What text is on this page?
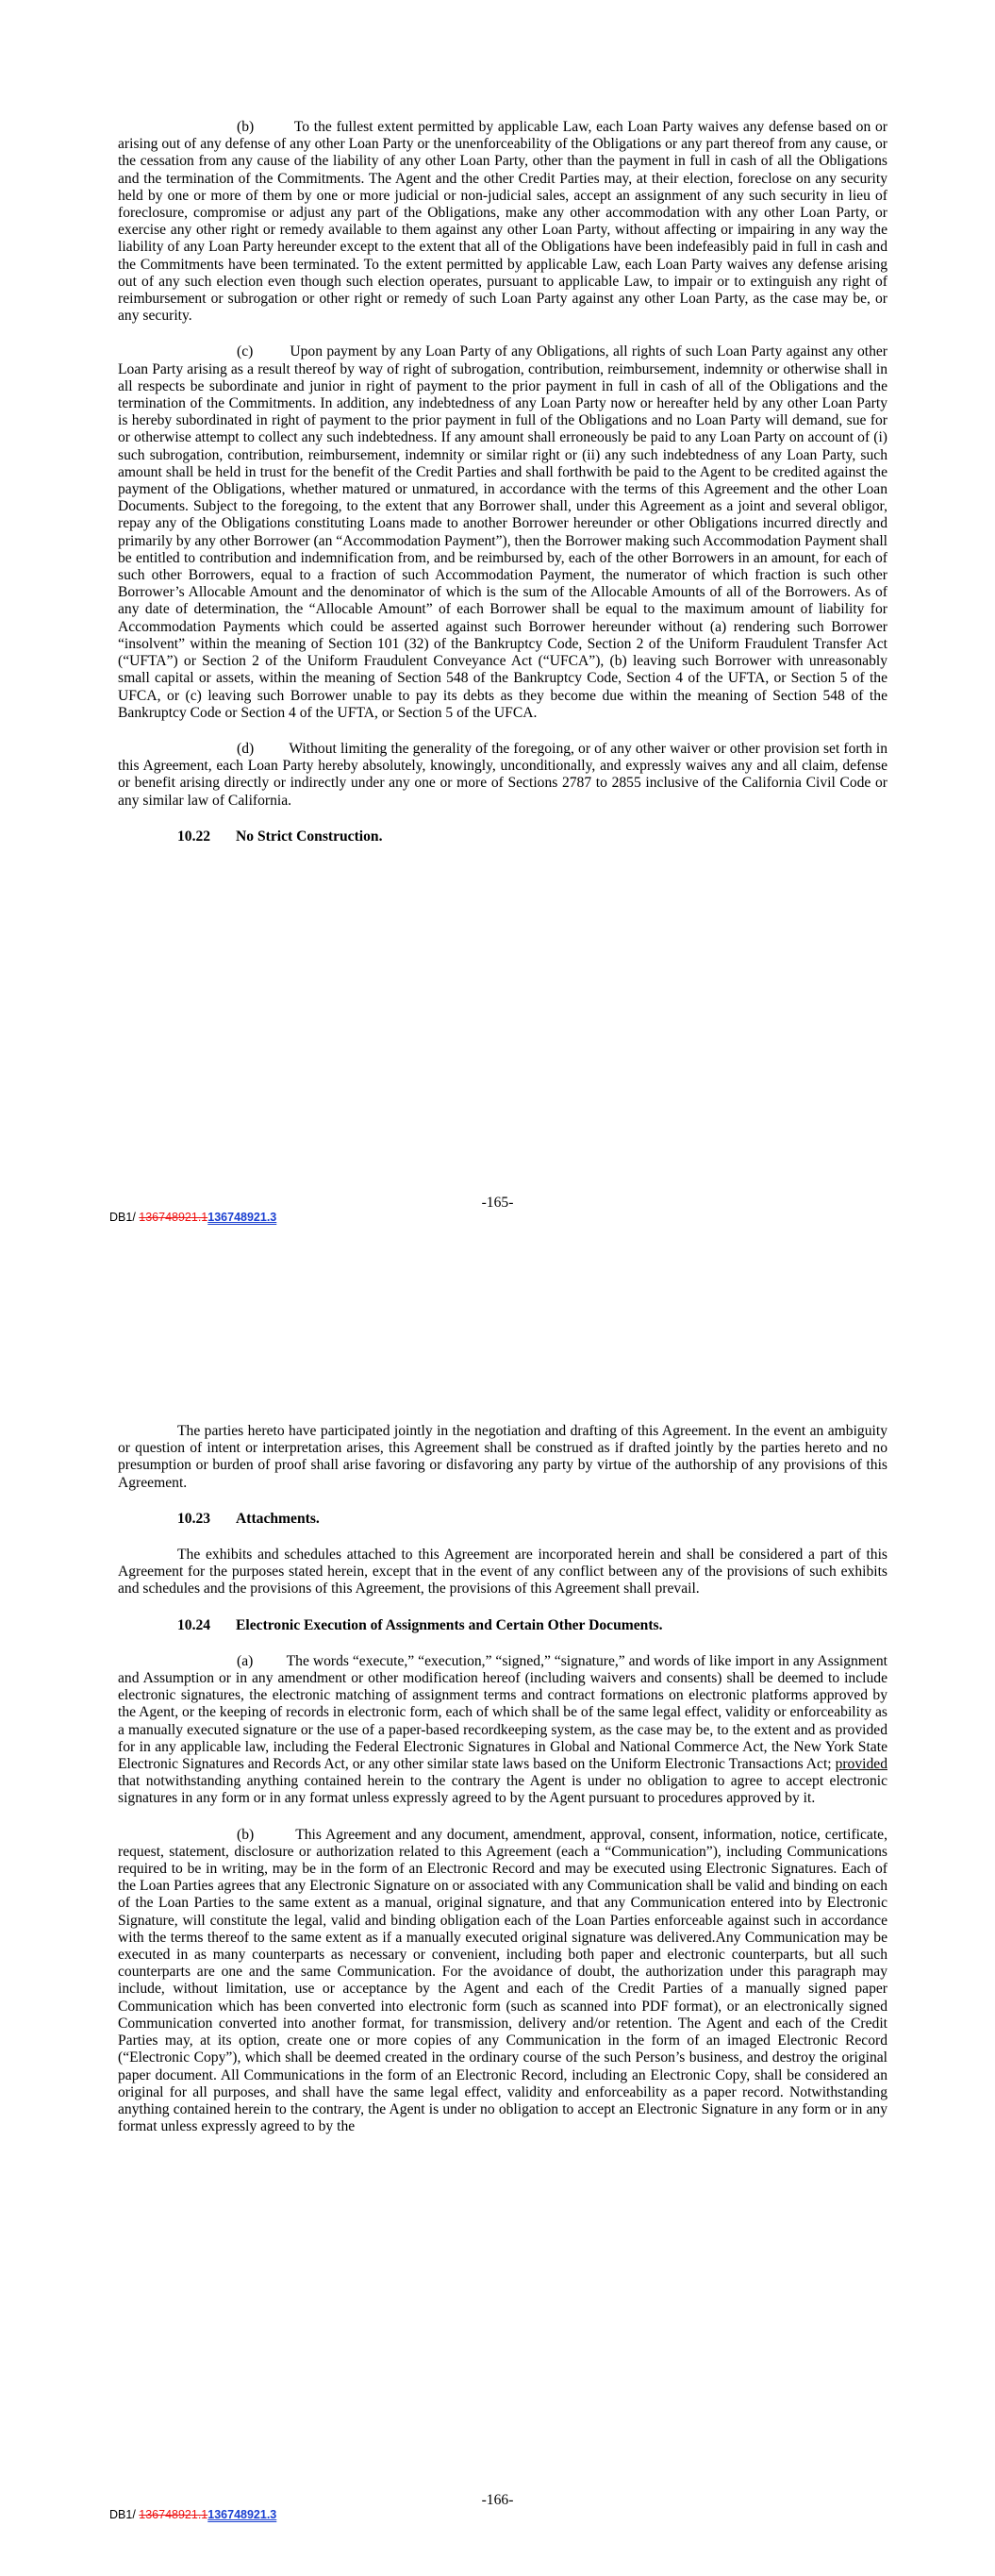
(b)	To the fullest extent permitted by applicable Law, each Loan Party waives any defense based on or arising out of any defense of any other Loan Party or the unenforceability of the Obligations or any part thereof from any cause, or the cessation from any cause of the liability of any other Loan Party, other than the payment in full in cash of all the Obligations and the termination of the Commitments. The Agent and the other Credit Parties may, at their election, foreclose on any security held by one or more of them by one or more judicial or non-judicial sales, accept an assignment of any such security in lieu of foreclosure, compromise or adjust any part of the Obligations, make any other accommodation with any other Loan Party, or exercise any other right or remedy available to them against any other Loan Party, without affecting or impairing in any way the liability of any Loan Party hereunder except to the extent that all of the Obligations have been indefeasibly paid in full in cash and the Commitments have been terminated. To the extent permitted by applicable Law, each Loan Party waives any defense arising out of any such election even though such election operates, pursuant to applicable Law, to impair or to extinguish any right of reimbursement or subrogation or other right or remedy of such Loan Party against any other Loan Party, as the case may be, or any security.

(c)	Upon payment by any Loan Party of any Obligations, all rights of such Loan Party against any other Loan Party arising as a result thereof by way of right of subrogation, contribution, reimbursement, indemnity or otherwise shall in all respects be subordinate and junior in right of payment to the prior payment in full in cash of all of the Obligations and the termination of the Commitments. In addition, any indebtedness of any Loan Party now or hereafter held by any other Loan Party is hereby subordinated in right of payment to the prior payment in full of the Obligations and no Loan Party will demand, sue for or otherwise attempt to collect any such indebtedness. If any amount shall erroneously be paid to any Loan Party on account of (i) such subrogation, contribution, reimbursement, indemnity or similar right or (ii) any such indebtedness of any Loan Party, such amount shall be held in trust for the benefit of the Credit Parties and shall forthwith be paid to the Agent to be credited against the payment of the Obligations, whether matured or unmatured, in accordance with the terms of this Agreement and the other Loan Documents. Subject to the foregoing, to the extent that any Borrower shall, under this Agreement as a joint and several obligor, repay any of the Obligations constituting Loans made to another Borrower hereunder or other Obligations incurred directly and primarily by any other Borrower (an “Accommodation Payment”), then the Borrower making such Accommodation Payment shall be entitled to contribution and indemnification from, and be reimbursed by, each of the other Borrowers in an amount, for each of such other Borrowers, equal to a fraction of such Accommodation Payment, the numerator of which fraction is such other Borrower’s Allocable Amount and the denominator of which is the sum of the Allocable Amounts of all of the Borrowers. As of any date of determination, the “Allocable Amount” of each Borrower shall be equal to the maximum amount of liability for Accommodation Payments which could be asserted against such Borrower hereunder without (a) rendering such Borrower “insolvent” within the meaning of Section 101 (32) of the Bankruptcy Code, Section 2 of the Uniform Fraudulent Transfer Act (“UFTA”) or Section 2 of the Uniform Fraudulent Conveyance Act (“UFCA”), (b) leaving such Borrower with unreasonably small capital or assets, within the meaning of Section 548 of the Bankruptcy Code, Section 4 of the UFTA, or Section 5 of the UFCA, or (c) leaving such Borrower unable to pay its debts as they become due within the meaning of Section 548 of the Bankruptcy Code or Section 4 of the UFTA, or Section 5 of the UFCA.

(d) Without limiting the generality of the foregoing, or of any other waiver or other provision set forth in this Agreement, each Loan Party hereby absolutely, knowingly, unconditionally, and expressly waives any and all claim, defense or benefit arising directly or indirectly under any one or more of Sections 2787 to 2855 inclusive of the California Civil Code or any similar law of California.

10.22 No Strict Construction.
-165-
DB1/ 136748921.1136748921.3

The parties hereto have participated jointly in the negotiation and drafting of this Agreement. In the event an ambiguity or question of intent or interpretation arises, this Agreement shall be construed as if drafted jointly by the parties hereto and no presumption or burden of proof shall arise favoring or disfavoring any party by virtue of the authorship of any provisions of this Agreement.

10.23 Attachments.

The exhibits and schedules attached to this Agreement are incorporated herein and shall be considered a part of this Agreement for the purposes stated herein, except that in the event of any conflict between any of the provisions of such exhibits and schedules and the provisions of this Agreement, the provisions of this Agreement shall prevail.

10.24 Electronic Execution of Assignments and Certain Other Documents.

(a) The words “execute,” “execution,” “signed,” “signature,” and words of like import in any Assignment and Assumption or in any amendment or other modification hereof (including waivers and consents) shall be deemed to include electronic signatures, the electronic matching of assignment terms and contract formations on electronic platforms approved by the Agent, or the keeping of records in electronic form, each of which shall be of the same legal effect, validity or enforceability as a manually executed signature or the use of a paper-based recordkeeping system, as the case may be, to the extent and as provided for in any applicable law, including the Federal Electronic Signatures in Global and National Commerce Act, the New York State Electronic Signatures and Records Act, or any other similar state laws based on the Uniform Electronic Transactions Act; provided that notwithstanding anything contained herein to the contrary the Agent is under no obligation to agree to accept electronic signatures in any form or in any format unless expressly agreed to by the Agent pursuant to procedures approved by it.

(b)	This Agreement and any document, amendment, approval, consent, information, notice, certificate, request, statement, disclosure or authorization related to this Agreement (each a “Communication”), including Communications required to be in writing, may be in the form of an Electronic Record and may be executed using Electronic Signatures. Each of the Loan Parties agrees that any Electronic Signature on or associated with any Communication shall be valid and binding on each of the Loan Parties to the same extent as a manual, original signature, and that any Communication entered into by Electronic Signature, will constitute the legal, valid and binding obligation each of the Loan Parties enforceable against such in accordance with the terms thereof to the same extent as if a manually executed original signature was delivered.Any Communication may be executed in as many counterparts as necessary or convenient, including both paper and electronic counterparts, but all such counterparts are one and the same Communication. For the avoidance of doubt, the authorization under this paragraph may include, without limitation, use or acceptance by the Agent and each of the Credit Parties of a manually signed paper Communication which has been converted into electronic form (such as scanned into PDF format), or an electronically signed Communication converted into another format, for transmission, delivery and/or retention. The Agent and each of the Credit Parties may, at its option, create one or more copies of any Communication in the form of an imaged Electronic Record (“Electronic Copy”), which shall be deemed created in the ordinary course of the such Person’s business, and destroy the original paper document. All Communications in the form of an Electronic Record, including an Electronic Copy, shall be considered an original for all purposes, and shall have the same legal effect, validity and enforceability as a paper record. Notwithstanding anything contained herein to the contrary, the Agent is under no obligation to accept an Electronic Signature in any form or in any format unless expressly agreed to by the

-166-
DB1/ 136748921.1136748921.3
